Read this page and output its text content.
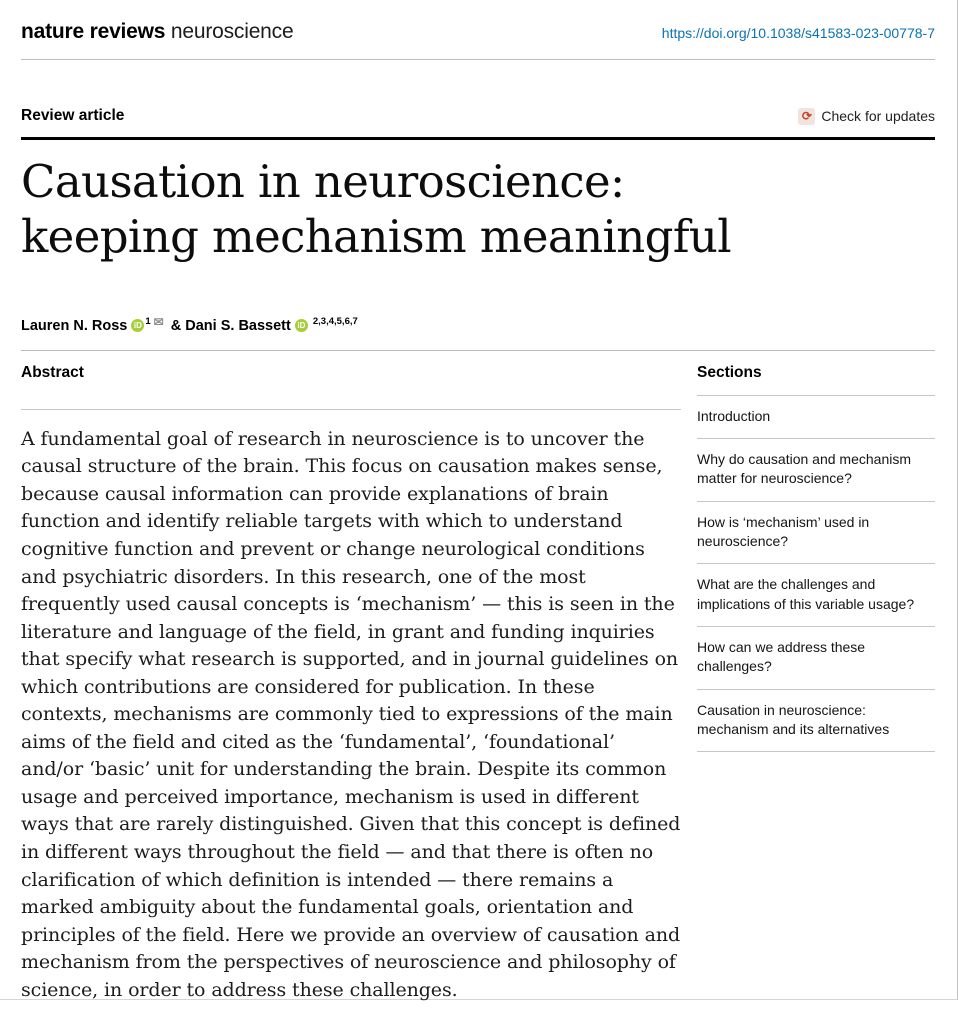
nature reviews neuroscience	https://doi.org/10.1038/s41583-023-00778-7
Review article	⟳ Check for updates
Causation in neuroscience:
keeping mechanism meaningful
Lauren N. Ross iD $^1$ ✉ & Dani S. Bassett iD $^{2,3,4,5,6,7}$
Abstract

A fundamental goal of research in neuroscience is to uncover the causal structure of the brain. This focus on causation makes sense, because causal information can provide explanations of brain function and identify reliable targets with which to understand cognitive function and prevent or change neurological conditions and psychiatric disorders. In this research, one of the most frequently used causal concepts is ‘mechanism’ — this is seen in the literature and language of the field, in grant and funding inquiries that specify what research is supported, and in journal guidelines on which contributions are considered for publication. In these contexts, mechanisms are commonly tied to expressions of the main aims of the field and cited as the ‘fundamental’, ‘foundational’ and/or ‘basic’ unit for understanding the brain. Despite its common usage and perceived importance, mechanism is used in different ways that are rarely distinguished. Given that this concept is defined in different ways throughout the field — and that there is often no clarification of which definition is intended — there remains a marked ambiguity about the fundamental goals, orientation and principles of the field. Here we provide an overview of causation and mechanism from the perspectives of neuroscience and philosophy of science, in order to address these challenges.

Sections
Introduction
Why do causation and mechanism matter for neuroscience?
How is ‘mechanism’ used in neuroscience?
What are the challenges and implications of this variable usage?
How can we address these challenges?
Causation in neuroscience: mechanism and its alternatives
